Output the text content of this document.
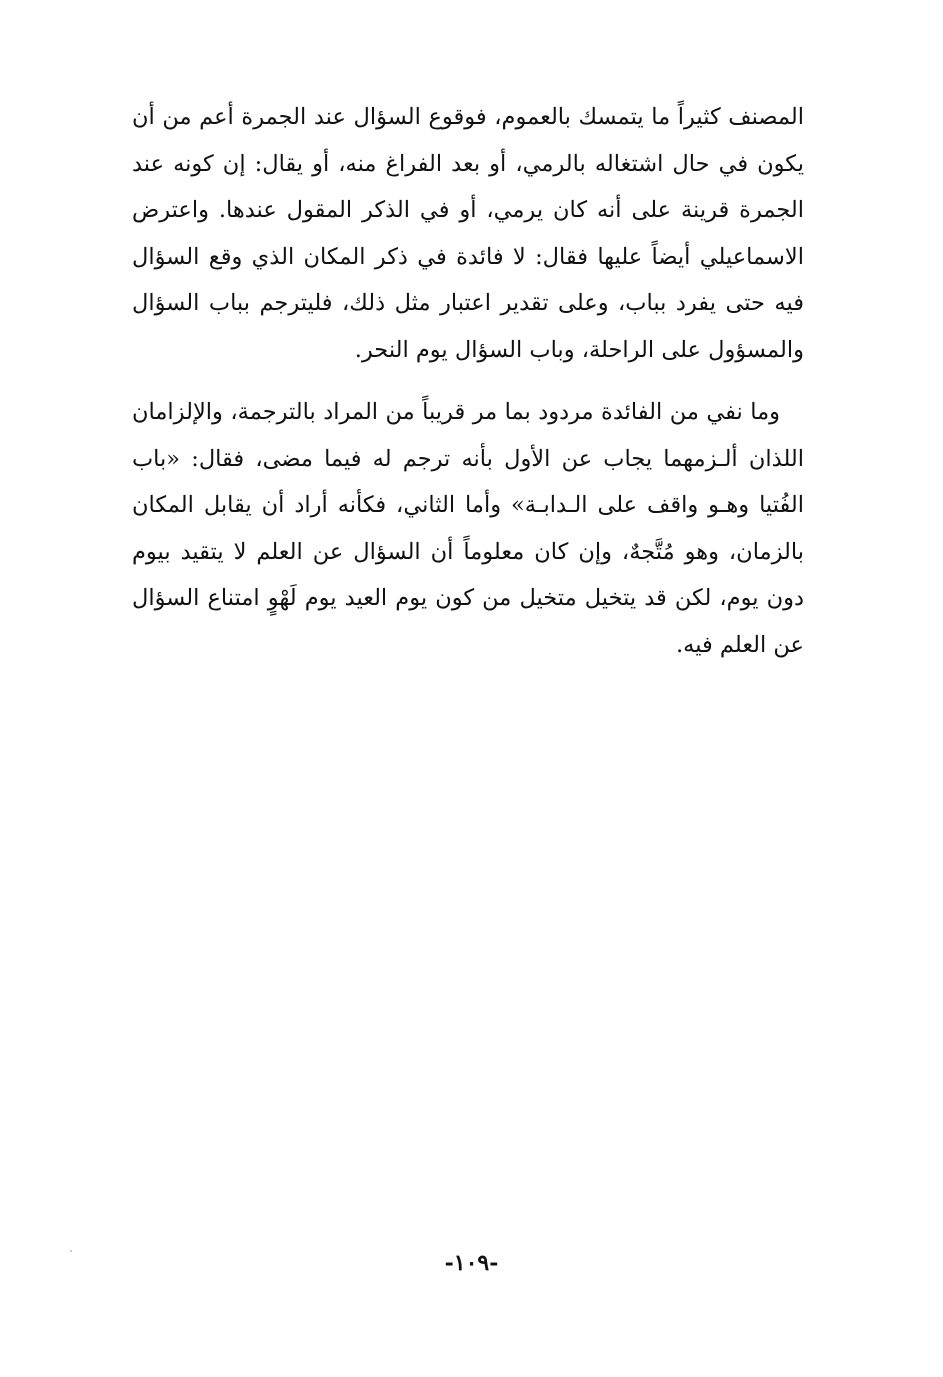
المصنف كثيراً ما يتمسك بالعموم، فوقوع السؤال عند الجمرة أعم من أن يكون في حال اشتغاله بالرمي، أو بعد الفراغ منه، أو يقال: إن كونه عند الجمرة قرينة على أنه كان يرمي، أو في الذكر المقول عندها. واعترض الاسماعيلي أيضاً عليها فقال: لا فائدة في ذكر المكان الذي وقع السؤال فيه حتى يفرد بباب، وعلى تقدير اعتبار مثل ذلك، فليترجم بباب السؤال والمسؤول على الراحلة، وباب السؤال يوم النحر.

وما نفي من الفائدة مردود بما مر قريباً من المراد بالترجمة، والإلزامان اللذان ألـزمهما يجاب عن الأول بأنه ترجم له فيما مضى، فقال: «باب الفُتيا وهـو واقف على الـدابـة» وأما الثاني، فكأنه أراد أن يقابل المكان بالزمان، وهو مُتَّجهٌ، وإن كان معلوماً أن السؤال عن العلم لا يتقيد بيوم دون يوم، لكن قد يتخيل متخيل من كون يوم العيد يوم لَهْوٍ امتناع السؤال عن العلم فيه.

-١٠٩-
